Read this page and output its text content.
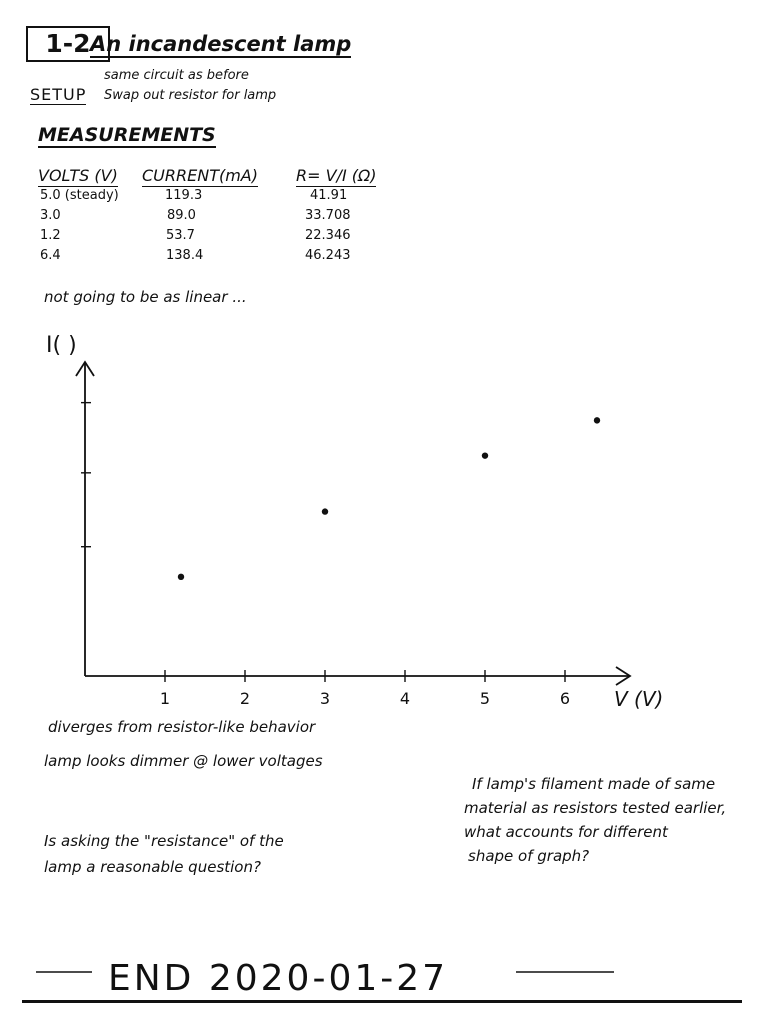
1-2 An incandescent lamp
same circuit as before
SETUP Swap out resistor for lamp
MEASUREMENTS
VOLTS (V) CURRENT(mA) R= V/I (Ω)
5.0 (steady)	119.3	41.91
3.0	89.0	33.708
1.2	53.7	22.346
6.4	138.4	46.243
not going to be as linear ...
I( )
1	2	3	4	5	6 V (V)
diverges from resistor-like behavior
lamp looks dimmer @ lower voltages
If lamp's filament made of same
material as resistors tested earlier,
what accounts for different
shape of graph?
Is asking the "resistance" of the
lamp a reasonable question?
END 2020-01-27
